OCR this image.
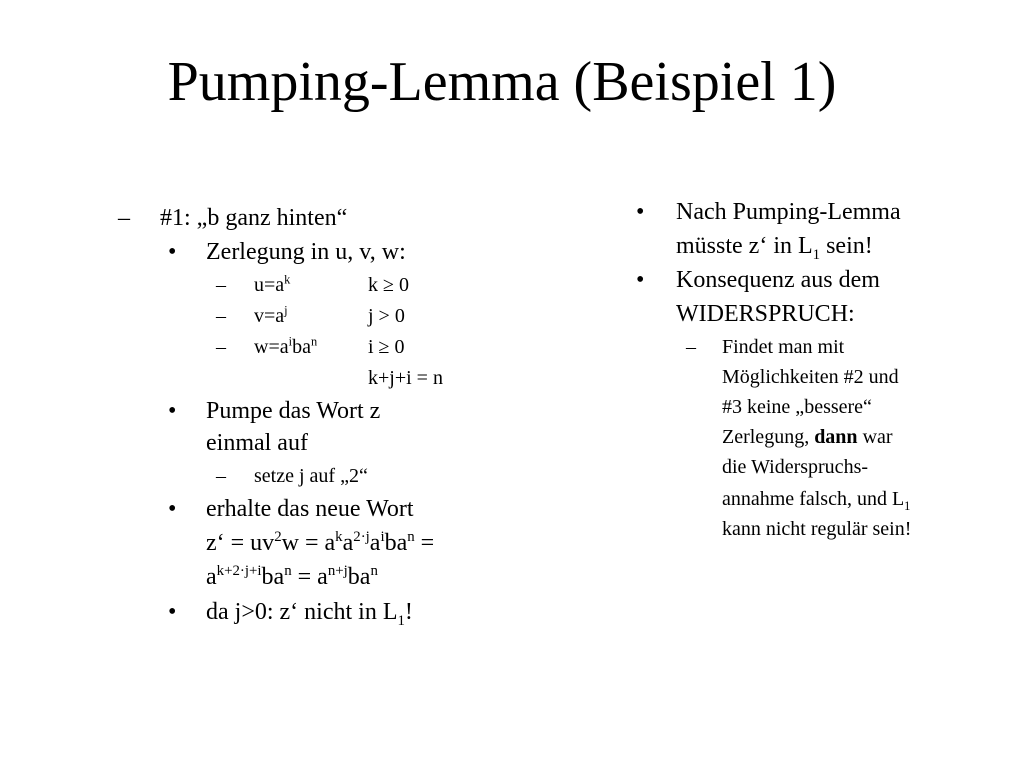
Pumping-Lemma (Beispiel 1)
– #1: „b ganz hinten“
• Zerlegung in u, v, w:
– $u=a^k$	k ≥ 0
– $v=a^j$	j > 0
– $w=a^iba^n$	i ≥ 0
k+j+i = n
• Pumpe das Wort z
einmal auf
– setze j auf „2“
• erhalte das neue Wort
z‘ = $uv^2w = a^ka^{2\cdot j}a^iba^n$ =
$a^{k+2\cdot j+i}ba^n = a^{n+j}ba^n$
• da j>0: z‘ nicht in $L_1$!
• Nach Pumping-Lemma
müsste z‘ in $L_1$ sein!
• Konsequenz aus dem
WIDERSPRUCH:
– Findet man mit
Möglichkeiten #2 und
#3 keine „bessere“
Zerlegung, dann war
die Widerspruchs-
annahme falsch, und $L_1$
kann nicht regulär sein!
